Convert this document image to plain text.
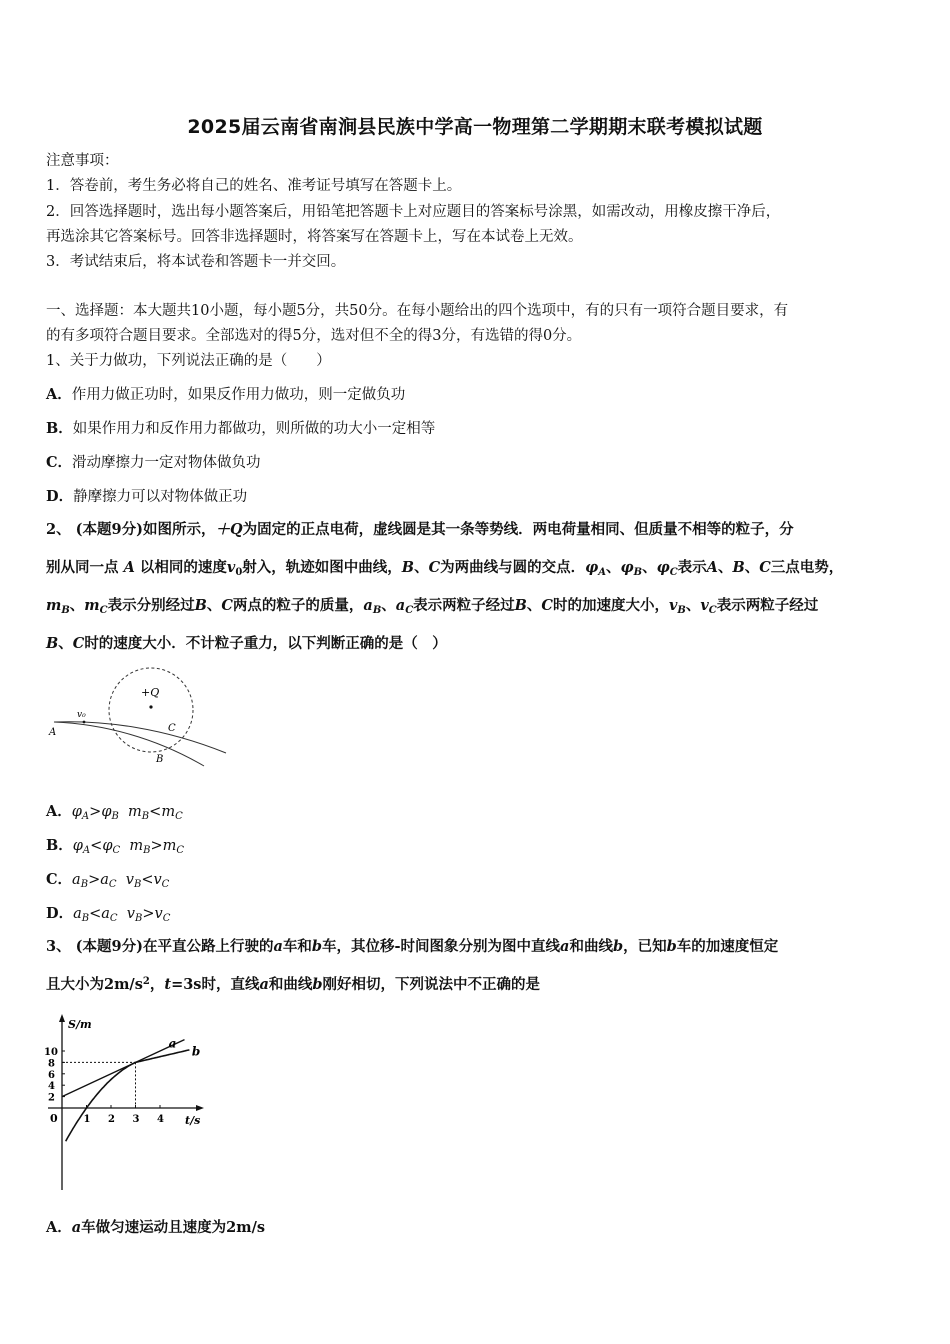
2025届云南省南涧县民族中学高一物理第二学期期末联考模拟试题
注意事项：
1．答卷前，考生务必将自己的姓名、准考证号填写在答题卡上。
2．回答选择题时，选出每小题答案后，用铅笔把答题卡上对应题目的答案标号涂黑，如需改动，用橡皮擦干净后，
再选涂其它答案标号。回答非选择题时，将答案写在答题卡上，写在本试卷上无效。
3．考试结束后，将本试卷和答题卡一并交回。
一、选择题：本大题共10小题，每小题5分，共50分。在每小题给出的四个选项中，有的只有一项符合题目要求，有
的有多项符合题目要求。全部选对的得5分，选对但不全的得3分，有选错的得0分。
1、关于力做功，下列说法正确的是（　　）
A．作用力做正功时，如果反作用力做功，则一定做负功
B．如果作用力和反作用力都做功，则所做的功大小一定相等
C．滑动摩擦力一定对物体做负功
D．静摩擦力可以对物体做正功
2、 (本题9分)如图所示，＋Q为固定的正点电荷，虚线圆是其一条等势线．两电荷量相同、但质量不相等的粒子，分
别从同一点 A 以相同的速度$v_0$射入，轨迹如图中曲线，B、C为两曲线与圆的交点．$\varphi_A$、$\varphi_B$、$\varphi_C$表示A、B、C三点电势，
$m_B$、$m_C$表示分别经过B、C两点的粒子的质量，$a_B$、$a_C$表示两粒子经过B、C时的加速度大小，$v_B$、$v_C$表示两粒子经过
B、C时的速度大小．不计粒子重力，以下判断正确的是（　）
+Q
v₀
A	C
B
A．$\varphi_A>\varphi_B$ $m_B<m_C$
B．$\varphi_A<\varphi_C$ $m_B>m_C$
C．$a_B>a_C$ $v_B<v_C$
D．$a_B<a_C$ $v_B>v_C$
3、 (本题9分)在平直公路上行驶的a车和b车，其位移-时间图象分别为图中直线a和曲线b，已知b车的加速度恒定
且大小为$2m/s^2$，t=3s时，直线a和曲线b刚好相切，下列说法中不正确的是
S/m
t/s
0
10
8
6
4
2
1 2 3 4
a
b
A．a车做匀速运动且速度为2m/s
